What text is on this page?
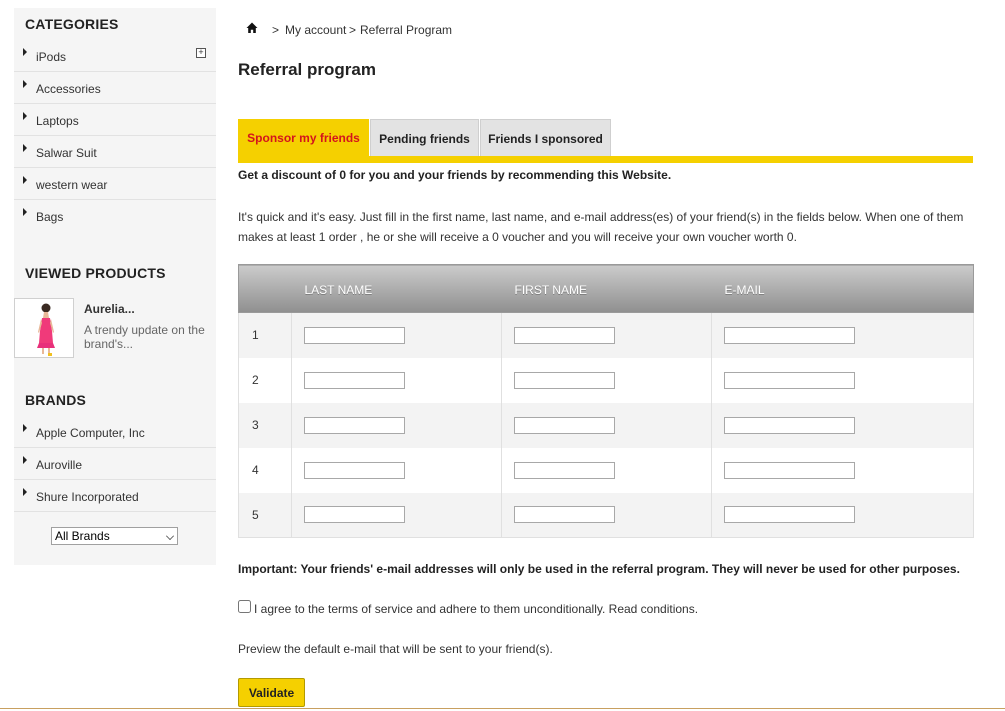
CATEGORIES
iPods	+
Accessories
Laptops
Salwar Suit
western wear
Bags
VIEWED PRODUCTS
Aurelia...
A trendy update on the brand's...
BRANDS
Apple Computer, Inc
Auroville
Shure Incorporated
All Brands
> My account > Referral Program
Referral program
Sponsor my friends	Pending friends	Friends I sponsored
Get a discount of 0 for you and your friends by recommending this Website.
It's quick and it's easy. Just fill in the first name, last name, and e-mail address(es) of your friend(s) in the fields below. When one of them makes at least 1 order , he or she will receive a 0 voucher and you will receive your own voucher worth 0.
	LAST NAME	FIRST NAME	E-MAIL
1			
2			
3			
4			
5			
Important: Your friends' e-mail addresses will only be used in the referral program. They will never be used for other purposes.
I agree to the terms of service and adhere to them unconditionally. Read conditions.
Preview the default e-mail that will be sent to your friend(s).
Validate
